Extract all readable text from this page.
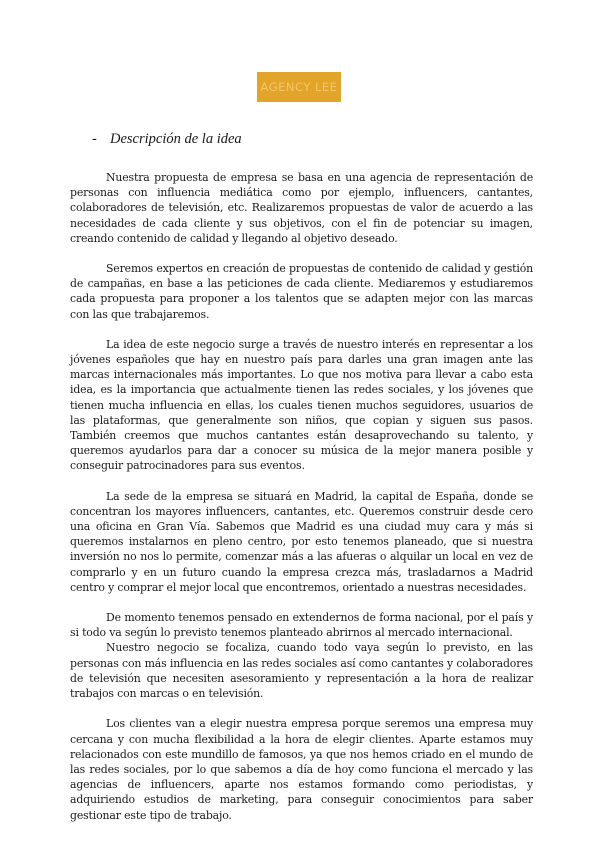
AGENCY LEE
- Descripción de la idea

Nuestra propuesta de empresa se basa en una agencia de representación de personas con influencia mediática como por ejemplo, influencers, cantantes, colaboradores de televisión, etc. Realizaremos propuestas de valor de acuerdo a las necesidades de cada cliente y sus objetivos, con el fin de potenciar su imagen, creando contenido de calidad y llegando al objetivo deseado.

Seremos expertos en creación de propuestas de contenido de calidad y gestión de campañas, en base a las peticiones de cada cliente. Mediaremos y estudiaremos cada propuesta para proponer a los talentos que se adapten mejor con las marcas con las que trabajaremos.

La idea de este negocio surge a través de nuestro interés en representar a los jóvenes españoles que hay en nuestro país para darles una gran imagen ante las marcas internacionales más importantes. Lo que nos motiva para llevar a cabo esta idea, es la importancia que actualmente tienen las redes sociales, y los jóvenes que tienen mucha influencia en ellas, los cuales tienen muchos seguidores, usuarios de las plataformas, que generalmente son niños, que copian y siguen sus pasos. También creemos que muchos cantantes están desaprovechando su talento, y queremos ayudarlos para dar a conocer su música de la mejor manera posible y conseguir patrocinadores para sus eventos.

La sede de la empresa se situará en Madrid, la capital de España, donde se concentran los mayores influencers, cantantes, etc. Queremos construir desde cero una oficina en Gran Vía. Sabemos que Madrid es una ciudad muy cara y más si queremos instalarnos en pleno centro, por esto tenemos planeado, que si nuestra inversión no nos lo permite, comenzar más a las afueras o alquilar un local en vez de comprarlo y en un futuro cuando la empresa crezca más, trasladarnos a Madrid centro y comprar el mejor local que encontremos, orientado a nuestras necesidades.

De momento tenemos pensado en extendernos de forma nacional, por el país y si todo va según lo previsto tenemos planteado abrirnos al mercado internacional.

Nuestro negocio se focaliza, cuando todo vaya según lo previsto, en las personas con más influencia en las redes sociales así como cantantes y colaboradores de televisión que necesiten asesoramiento y representación a la hora de realizar trabajos con marcas o en televisión.

Los clientes van a elegir nuestra empresa porque seremos una empresa muy cercana y con mucha flexibilidad a la hora de elegir clientes. Aparte estamos muy relacionados con este mundillo de famosos, ya que nos hemos criado en el mundo de las redes sociales, por lo que sabemos a día de hoy como funciona el mercado y las agencias de influencers, aparte nos estamos formando como periodistas, y adquiriendo estudios de marketing, para conseguir conocimientos para saber gestionar este tipo de trabajo.
